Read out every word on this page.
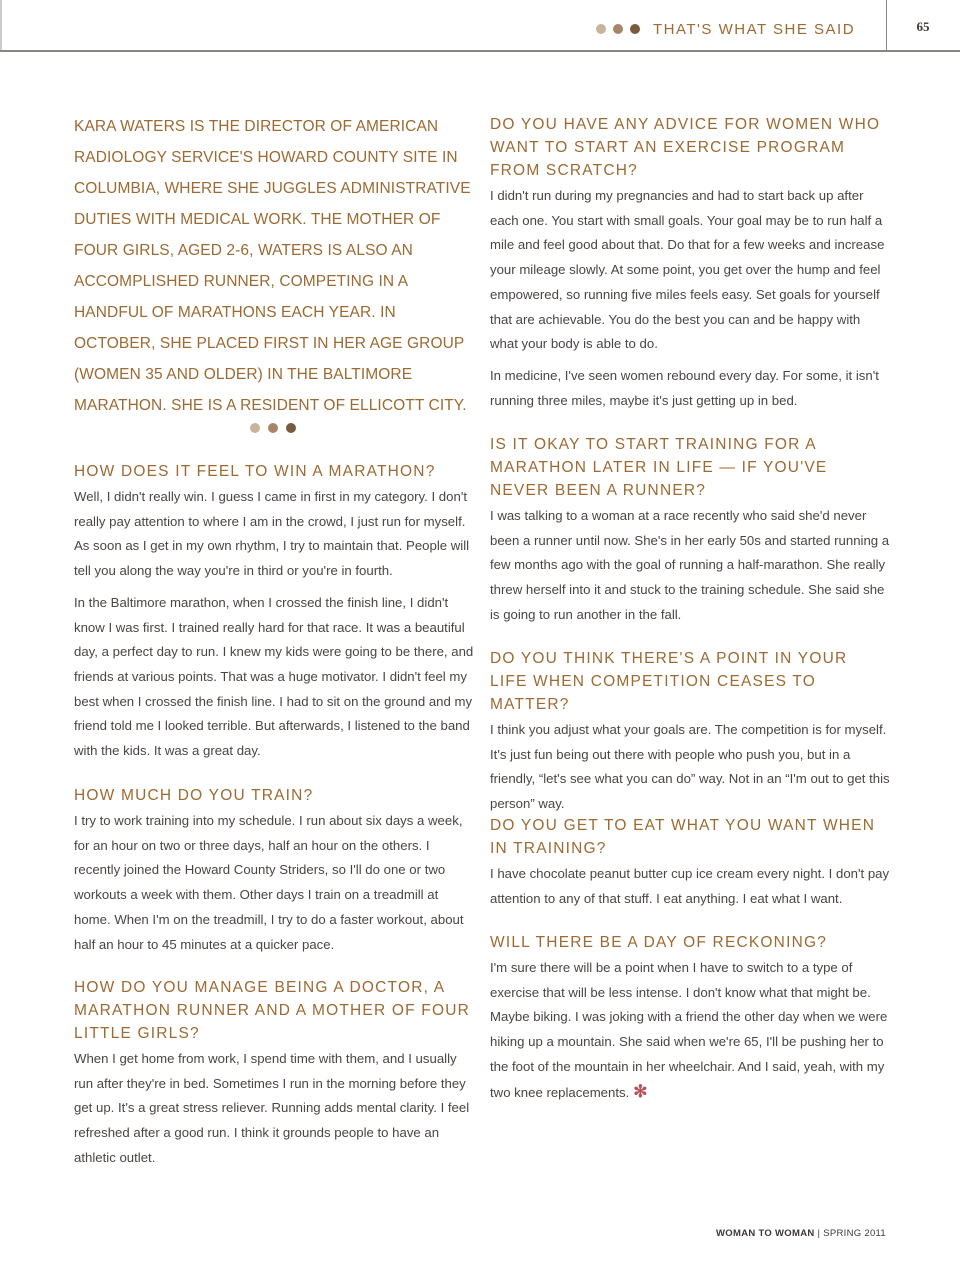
THAT'S WHAT SHE SAID	65
KARA WATERS IS THE DIRECTOR OF AMERICAN RADIOLOGY SERVICE'S HOWARD COUNTY SITE IN COLUMBIA, WHERE SHE JUGGLES ADMINISTRATIVE DUTIES WITH MEDICAL WORK. THE MOTHER OF FOUR GIRLS, AGED 2-6, WATERS IS ALSO AN ACCOMPLISHED RUNNER, COMPETING IN A HANDFUL OF MARATHONS EACH YEAR. IN OCTOBER, SHE PLACED FIRST IN HER AGE GROUP (WOMEN 35 AND OLDER) IN THE BALTIMORE MARATHON. SHE IS A RESIDENT OF ELLICOTT CITY.
HOW DOES IT FEEL TO WIN A MARATHON?

Well, I didn't really win. I guess I came in first in my category. I don't really pay attention to where I am in the crowd, I just run for myself. As soon as I get in my own rhythm, I try to maintain that. People will tell you along the way you're in third or you're in fourth.

In the Baltimore marathon, when I crossed the finish line, I didn't know I was first. I trained really hard for that race. It was a beautiful day, a perfect day to run. I knew my kids were going to be there, and friends at various points. That was a huge motivator. I didn't feel my best when I crossed the finish line. I had to sit on the ground and my friend told me I looked terrible. But afterwards, I listened to the band with the kids. It was a great day.

HOW MUCH DO YOU TRAIN?

I try to work training into my schedule. I run about six days a week, for an hour on two or three days, half an hour on the others. I recently joined the Howard County Striders, so I'll do one or two workouts a week with them. Other days I train on a treadmill at home. When I'm on the treadmill, I try to do a faster workout, about half an hour to 45 minutes at a quicker pace.

HOW DO YOU MANAGE BEING A DOCTOR, A MARATHON RUNNER AND A MOTHER OF FOUR LITTLE GIRLS?

When I get home from work, I spend time with them, and I usually run after they're in bed. Sometimes I run in the morning before they get up. It's a great stress reliever. Running adds mental clarity. I feel refreshed after a good run. I think it grounds people to have an athletic outlet.

DO YOU HAVE ANY ADVICE FOR WOMEN WHO WANT TO START AN EXERCISE PROGRAM FROM SCRATCH?

I didn't run during my pregnancies and had to start back up after each one. You start with small goals. Your goal may be to run half a mile and feel good about that. Do that for a few weeks and increase your mileage slowly. At some point, you get over the hump and feel empowered, so running five miles feels easy. Set goals for yourself that are achievable. You do the best you can and be happy with what your body is able to do.

In medicine, I've seen women rebound every day. For some, it isn't running three miles, maybe it's just getting up in bed.

IS IT OKAY TO START TRAINING FOR A MARATHON LATER IN LIFE — IF YOU'VE NEVER BEEN A RUNNER?

I was talking to a woman at a race recently who said she'd never been a runner until now. She's in her early 50s and started running a few months ago with the goal of running a half-marathon. She really threw herself into it and stuck to the training schedule. She said she is going to run another in the fall.

DO YOU THINK THERE'S A POINT IN YOUR LIFE WHEN COMPETITION CEASES TO MATTER?

I think you adjust what your goals are. The competition is for myself. It's just fun being out there with people who push you, but in a friendly, “let's see what you can do” way. Not in an “I'm out to get this person” way.

DO YOU GET TO EAT WHAT YOU WANT WHEN IN TRAINING?

I have chocolate peanut butter cup ice cream every night. I don't pay attention to any of that stuff. I eat anything. I eat what I want.

WILL THERE BE A DAY OF RECKONING?

I'm sure there will be a point when I have to switch to a type of exercise that will be less intense. I don't know what that might be. Maybe biking. I was joking with a friend the other day when we were hiking up a mountain. She said when we're 65, I'll be pushing her to the foot of the mountain in her wheelchair. And I said, yeah, with my two knee replacements. ✻

WOMAN TO WOMAN | SPRING 2011
